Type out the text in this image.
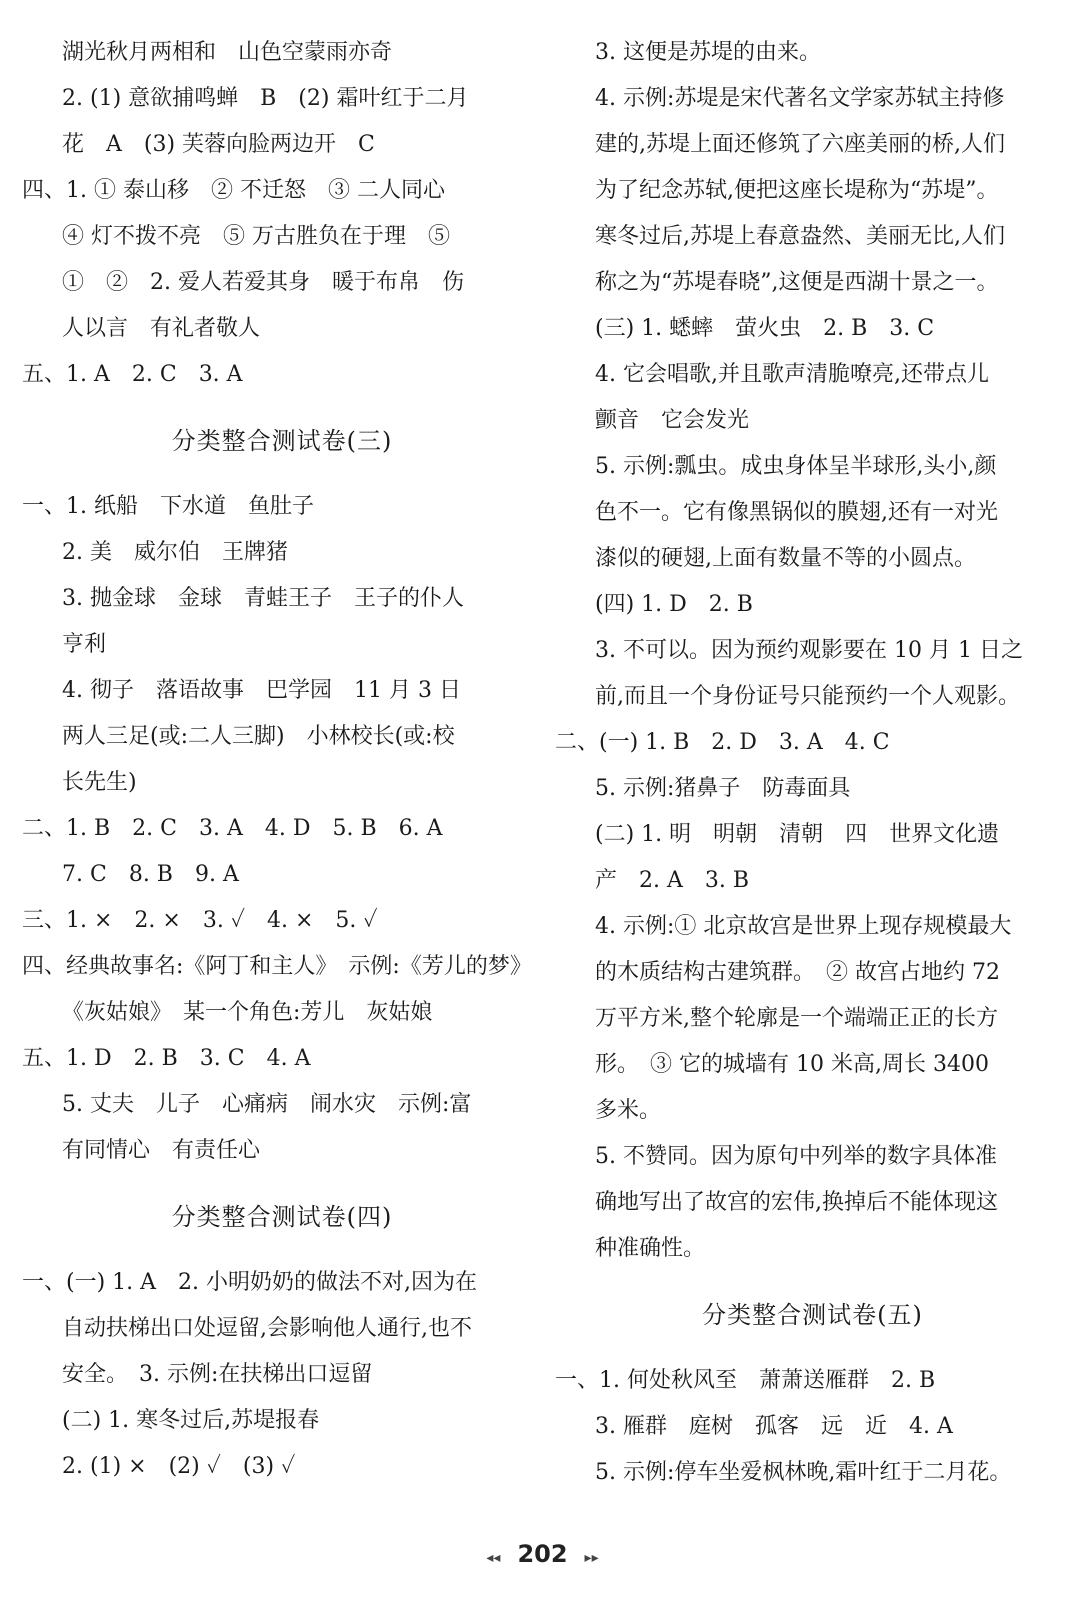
湖光秋月两相和　山色空蒙雨亦奇
2. (1) 意欲捕鸣蝉　B　(2) 霜叶红于二月
花　A　(3) 芙蓉向脸两边开　C
四、1. ① 泰山移　② 不迁怒　③ 二人同心
④ 灯不拨不亮　⑤ 万古胜负在于理　⑤
①　②　2. 爱人若爱其身　暖于布帛　伤
人以言　有礼者敬人
五、1. A　2. C　3. A
分类整合测试卷(三)
一、1. 纸船　下水道　鱼肚子
2. 美　威尔伯　王牌猪
3. 抛金球　金球　青蛙王子　王子的仆人
亨利
4. 彻子　落语故事　巴学园　11 月 3 日
两人三足(或:二人三脚)　小林校长(或:校
长先生)
二、1. B　2. C　3. A　4. D　5. B　6. A
7. C　8. B　9. A
三、1. ×　2. ×　3. ✓　4. ×　5. ✓
四、经典故事名:《阿丁和主人》　示例:《芳儿的梦》
《灰姑娘》　某一个角色:芳儿　灰姑娘
五、1. D　2. B　3. C　4. A
5. 丈夫　儿子　心痛病　闹水灾　示例:富
有同情心　有责任心
分类整合测试卷(四)
一、(一) 1. A　2. 小明奶奶的做法不对,因为在
自动扶梯出口处逗留,会影响他人通行,也不
安全。　3. 示例:在扶梯出口逗留
(二) 1. 寒冬过后,苏堤报春
2. (1) ×　(2) ✓　(3) ✓
3. 这便是苏堤的由来。
4. 示例:苏堤是宋代著名文学家苏轼主持修
建的,苏堤上面还修筑了六座美丽的桥,人们
为了纪念苏轼,便把这座长堤称为“苏堤”。
寒冬过后,苏堤上春意盎然、美丽无比,人们
称之为“苏堤春晓”,这便是西湖十景之一。
(三) 1. 蟋蟀　萤火虫　2. B　3. C
4. 它会唱歌,并且歌声清脆嘹亮,还带点儿
颤音　它会发光
5. 示例:瓢虫。成虫身体呈半球形,头小,颜
色不一。它有像黑锅似的膜翅,还有一对光
漆似的硬翅,上面有数量不等的小圆点。
(四) 1. D　2. B
3. 不可以。因为预约观影要在 10 月 1 日之
前,而且一个身份证号只能预约一个人观影。
二、(一) 1. B　2. D　3. A　4. C
5. 示例:猪鼻子　防毒面具
(二) 1. 明　明朝　清朝　四　世界文化遗
产　2. A　3. B
4. 示例:① 北京故宫是世界上现存规模最大
的木质结构古建筑群。　② 故宫占地约 72
万平方米,整个轮廓是一个端端正正的长方
形。　③ 它的城墙有 10 米高,周长 3400
多米。
5. 不赞同。因为原句中列举的数字具体准
确地写出了故宫的宏伟,换掉后不能体现这
种准确性。
分类整合测试卷(五)
一、1. 何处秋风至　萧萧送雁群　2. B
3. 雁群　庭树　孤客　远　近　4. A
5. 示例:停车坐爱枫林晚,霜叶红于二月花。
◂◂ 202 ▸▸
